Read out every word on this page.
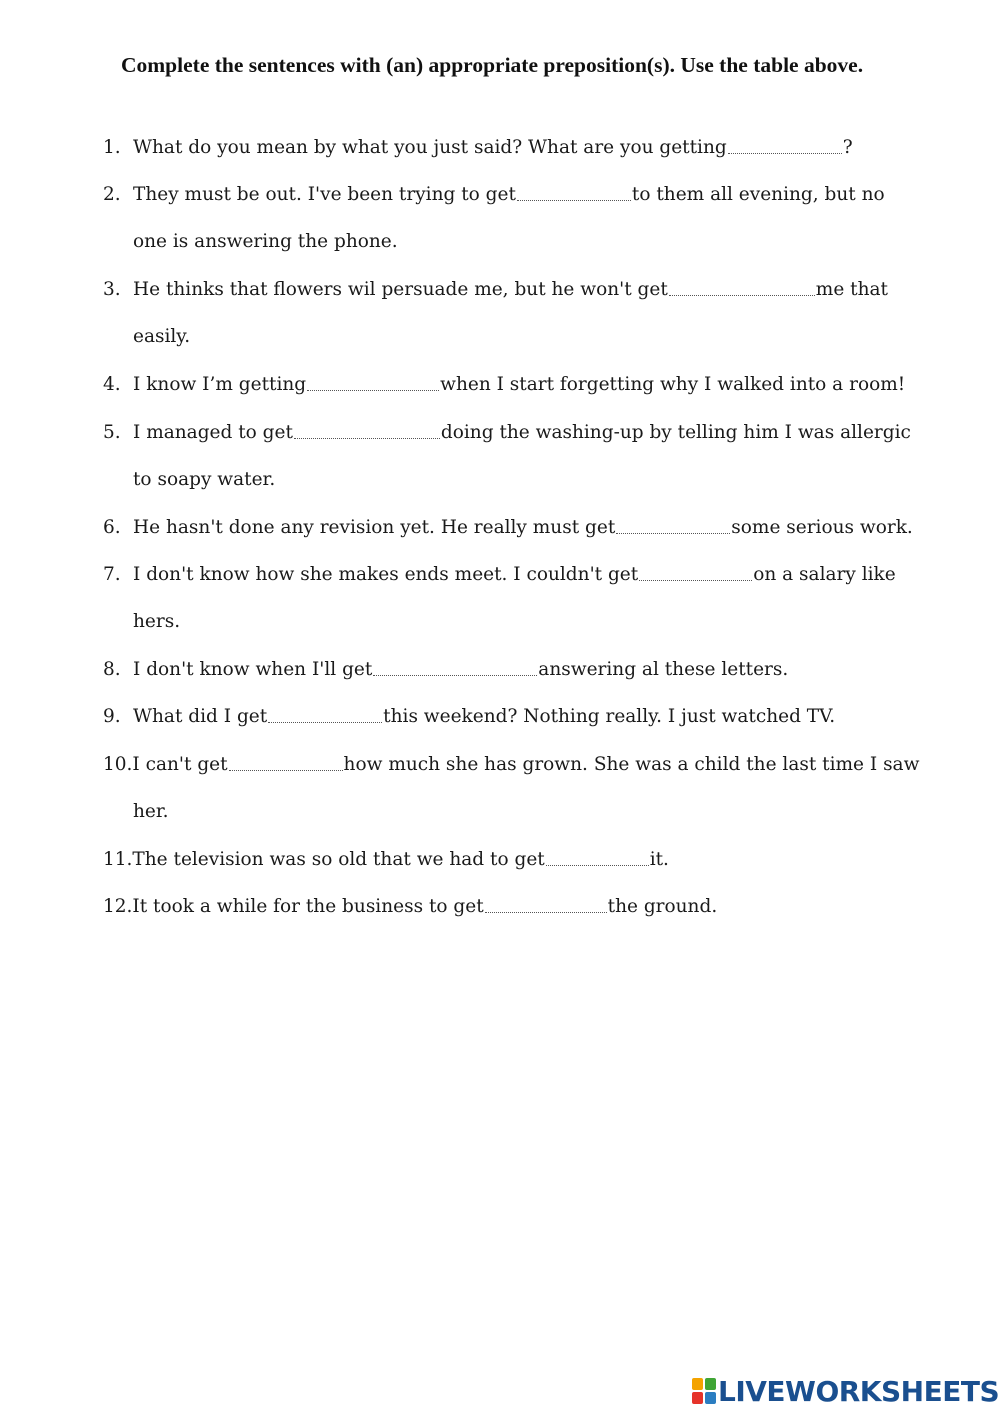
Complete the sentences with (an) appropriate preposition(s). Use the table above.
1. What do you mean by what you just said? What are you getting	?
2. They must be out. I've been trying to get	to them all evening, but no
one is answering the phone.
3. He thinks that flowers wil persuade me, but he won't get	me that
easily.
4. I know I’m getting	when I start forgetting why I walked into a room!
5. I managed to get	doing the washing-up by telling him I was allergic
to soapy water.
6. He hasn't done any revision yet. He really must get	some serious work.
7. I don't know how she makes ends meet. I couldn't get	on a salary like
hers.
8. I don't know when I'll get	answering al these letters.
9. What did I get	this weekend? Nothing really. I just watched TV.
10.I can't get	how much she has grown. She was a child the last time I saw
her.
11.The television was so old that we had to get	it.
12.It took a while for the business to get	the ground.
LIVEWORKSHEETS
